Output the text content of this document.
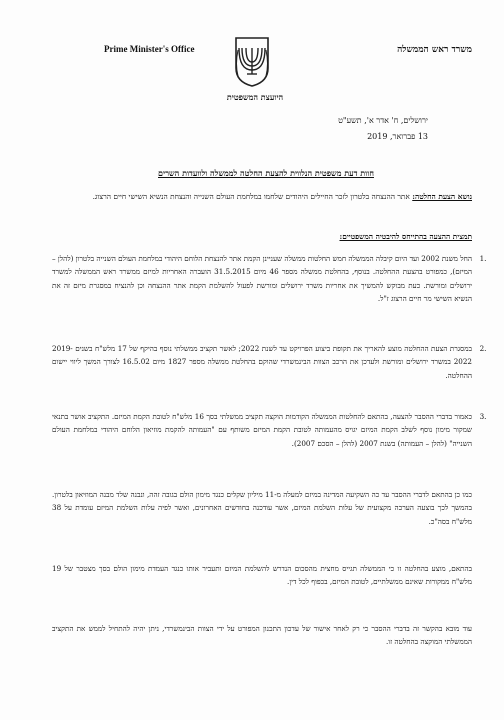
Prime Minister's Office	משרד ראש הממשלה
היועצת המשפטית
ירושלים, ח' אדר א', תשע"ט
13 פברואר, 2019
חוות דעת משפטית הנלווית להצעת החלטה לממשלה ולוועדות השרים
נושא הצעת החלטה: אתר ההנצחה בלטרון לזכר החיילים היהודים שלחמו במלחמת העולם השנייה והנצחת הנשיא השישי חיים הרצוג.
תמצית ההצעה בהתייחס להיבטיה המשפטיים:
1.
החל משנת 2002 ועד היום קיבלה הממשלה חמש החלטות ממשלה שעניינן הקמת אתר להנצחת הלוחם היהודי במלחמת העולם השנייה בלטרון (להלן – המיזם), כמפורט בהצעת ההחלטה. בנוסף, בהחלטת ממשלה מספר 46 מיום 31.5.2015 הועברה האחריות למיזם ממשרד ראש הממשלה למשרד ירושלים ומורשת. כעת מבוקש להמשיך את אחריות משרד ירושלים ומורשת לפעול להשלמת הקמת אתר ההנצחה וכן להנציח במסגרת מיזם זה את הנשיא השישי מר חיים הרצוג ז"ל.
2.
במסגרת הצעת ההחלטה מוצע להאריך את תקופת ביצוע הפרויקט עד לשנת 2022; לאשר תקציב ממשלתי נוסף בהיקף של 17 מלש"ח בשנים 2019-2022 במשרד ירושלים ומורשת ולעדכן את הרכב הצוות הבינמשרדי שהוקם בהחלטת ממשלה מספר 1827 מיום 16.5.02 לצורך המשך ליווי יישום ההחלטה.
3.
כאמור בדברי ההסבר להצעה, בהתאם להחלטות הממשלה הקודמות הוקצה תקציב ממשלתי בסך 16 מלש"ח לטובת הקמת המיזם. התקציב אושר בתנאי שמקור מימון נוסף לשלב הקמת המיזם יגויס מהעמותה לטובת הקמת המיזם משותף עם "העמותה להקמת מוזיאון הלוחם היהודי במלחמת העולם השנייה" (להלן – העמותה) בשנת 2007 (להלן – הסכם 2007).
כמו כן בהתאם לדברי ההסבר עד כה השקיעה המדינה במיזם למעלה מ-11 מיליון שקלים כנגד מימון הולם בגובה זהה, ונבנה שלד מבנה המוזיאון בלטרון. בהמשך לכך בוצעה הערכה מקצועית של עלות השלמת המיזם, אשר עודכנה בחודשים האחרונים, ואשר לפיה עלות השלמת המיזם עומדת על 38 מלש"ח בסה"כ.
בהתאם, מוצע בהחלטה זו כי הממשלה תגייס מחצית מהסכום הנדרש להשלמת המיזם ותעביר אותו כנגד העמדת מימון הולם בסך מצטבר של 19 מלש"ח ממקורות שאינם ממשלתיים, לטובת המיזם, בכפוף לכל דין.
עוד מובא בהקשר זה בדברי ההסבר כי רק לאחר אישור של עדכון התכנון המפורט על ידי הצוות הבינמשרדי, ניתן יהיה להתחיל לממש את התקציב הממשלתי המוקצה בהחלטה זו.
